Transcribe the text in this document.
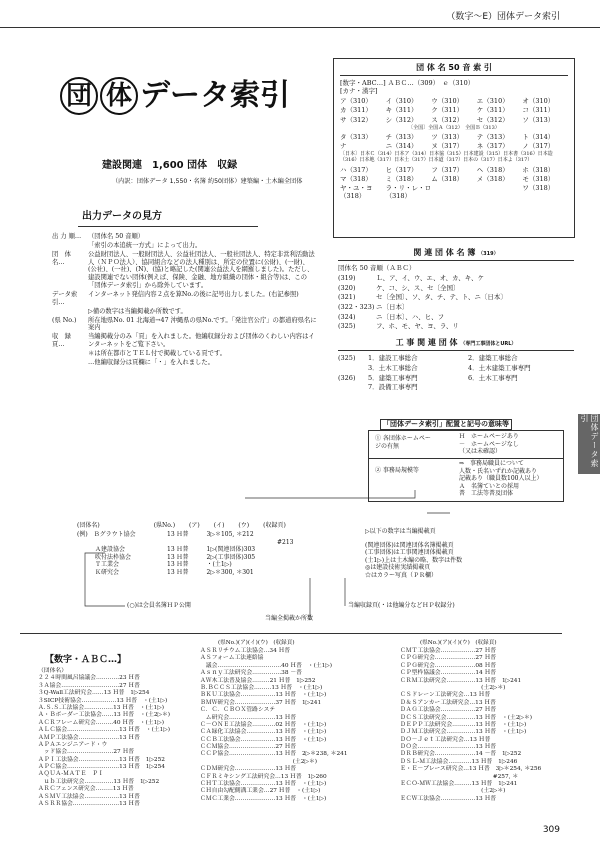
（数字～E）団体データ索引
団体データ索引
団 体 データ索引
建設関連　1,600 団体　収録
（内訳：団体データ 1,550・名簿 約50団体）建築編・土木編全団体
出力データの見方
出 力 順…	（団体名 50 音順）
「索引の本追統一方式」によって出力。
団　体　名…
公益財団法人、一般財団法人、公益社団法人、一般社団法人、特定非営利活動法人（ＮＰＯ法人）、協同組合などの法人種別は、所定の位置に(公財)、(一財)、(公社)、(一社)、(N)、(協)と略記した(関連公益法人を網羅しました)。ただし、建設関連でない団体(例えば、保険、金融、地方組織の団体・組合等)は、この「団体データ索引」から除外しています。
データ索引…
インターネット発信内容２点を算No.の後に記号出力しました。(右記参照)
▷備の数字は当編掲載か所数です。
(県 No.)	所在地県No. 01 北海道→47 沖縄県の県No.です。「発注官公庁」の都道府県名に案内
収　録　頁…
当編掲載分のみ「頁」を入れました。他編収録分および団体のくわしい内容はインターネットをご覧下さい。
＊は所在都市とＴＥＬ付で掲載している頁です。
…他編収録分は頁欄に「・」を入れました。
団 体 名 50 音 索 引
[数字・ABC…] ＡＢＣ…（309）　ｅ（310）
[カナ・漢字]
ア（310）	イ（310）	ウ（310）	エ（310）	オ（310）
カ（311）	キ（311）	ク（311）	ケ（311）	コ（311）
サ（312）	シ（312）	ス（312）	セ（312）	ソ（313）
〔全国〕全国Ａ（312）　全国Ｂ（313）
タ（313）	チ（313）	ツ（313）	テ（313）	ト（314）
ナ　	ニ（314）	ヌ（317）	ネ（317）	ノ（317）
〔日本〕日本Ｃ（314）日本ア（314）日本協（315）日本建設（315）日本書（316）日本造（316）日本地（317）日本土（317）日本道（317）日本の（317）日本よ（317）
ハ（317）	ヒ（317）	フ（317）	ヘ（318）	ホ（318）
マ（318）	ミ（318）	ム（318）	メ（318）	モ（318）
ヤ・ユ・ヨ（318）
ラ・リ・レ・ロ（318）
ワ（318）
関 連 団 体 名 簿 （319）
団体名 50 音順（ＡＢＣ）
(319)	Ｌ、ア、イ、ウ、エ、オ、カ、キ、ケ
(320)	ケ、コ、シ、ス、セ〔全国〕
(321)	セ〔全国〕、ソ、タ、チ、テ、ト、ニ〔日本〕
(322・323) ニ〔日本〕
(324)	ニ〔日本〕、ハ、ヒ、フ
(325)	フ、ホ、モ、ヤ、ヨ、ラ、リ
工 事 関 連 団 体 （専門工事団体とURL）
(325)	1．建設工事総合	2．建築工事総合
3．土木工事総合	4．土木建築工事専門
(326)	5．建築工事専門	6．土木工事専門
7．設備工事専門
「団体データ索引」配置と記号の意味等
① 各団体ホームページの有無
Ｈ　ホームページあり
－　ホームページなし
（又は未確認）
② 事務局規模等
⇒　事務局職員について
人数・氏名いずれか記載あり
記載あり（職員数100人以上）
Ａ　名簿ていとの採用
普　工法等普及団体
(団体名)	(県No.) (ア) (イ) (ウ) (収録頁)
(例)　Ｂグラウト協会	13 Ｈ普　　　3▷＊105, ＊212
#213
Ａ建設協会	13 Ｈ普　　　1▷(関連団体)303
吹付法枠協会	13 Ｈ普　　　2▷(工事団体)305
Ｔ工業会	13 Ｈ普　　　・(土1▷)
Ｋ研究会	13 Ｈ普　　　2▷＊300, ＊301
▷以下の数字は当編掲載頁
(関連団体)は関連団体名簿掲載頁
(工事団体)は工事関連団体掲載頁
(土1▷)上は土木編の略、数字は件数
◎は建設技術実績掲載頁
☆はカラー写真（ＰＲ欄）
(○)は会員名簿ＨＰ公開	当編収録頁(・は他編分などＨＰ収録分)
当編全掲載か所数
【数字・ＡＢＣ…】
（団体名）
２２４時間風呂協議会…………23 Ｈ普
３Ａ協会…………………………27 Ｈ普
３Q-Wall工法研究会……13 Ｈ普　1▷254
３SICP技術協会………………13 Ｈ普　・(土1▷)
Ａ.Ｓ.Ｓ.工法協会……………13 Ｈ普　・(土1▷)
Ａ・Ｂボーダー工法協会……13 Ｈ普　・(土2▷＊)
ＡＣＲフレーム研究会………40 Ｈ普　・(土1▷)
ＡＬＣ協会………………………13 Ｈ普　・(土1▷)
ＡＭＰ工法協会…………………13 Ｈ普
ＡＰＡエンジニアード・ウ
　ッド協会……………………27 Ｈ普
ＡＰＩ工法協会…………………13 Ｈ普　1▷252
ＡＰＣ協会………………………13 Ｈ普　1▷254
ＡＱＵＡ-ＭＡＴＥ　ＰＩ
　ｕｂ工法研究会……………13 Ｈ普　1▷252
ＡＲＣフェンス研究会………13 Ｈ普
ＡＳＭＶ工法協会………………13 Ｈ普
ＡＳＲＲ協会……………………13 Ｈ普
(県No.)(ア)(イ)(ウ)　(収録頁)
ＡＳＲリチウム工法協会…34 Ｈ普
ＡＳフォーム工法連絡協
　議会……………………………40 Ｈ普　・(土1▷)
Ａｓｎｙ工法研究会……………38 －普
ＡＷ木工法普及協会………21 Ｈ普　1▷252
Ｂ.ＢＣＣＳ工法協会………13 Ｈ普　・(土1▷)
ＢＫＵ工法協会………………13 Ｈ普　・(土1▷)
ＢＭＷ研究会…………………37 Ｈ普　1▷241
Ｃ．Ｃ．ＣＢＯＸ管路システ
　ム研究会……………………13 Ｈ普
Ｃ－ＯＮＥ工法協会…………02 Ｈ普　・(土1▷)
ＣＡ緑化工法協会……………13 Ｈ普　・(土1▷)
ＣＣＢ工法協会………………13 Ｈ普　・(土1▷)
ＣＣＭ協会……………………27 Ｈ普
ＣＣＰ協会……………………13 Ｈ普　2▷＊238, ＊241
　　　　　　　　　　　　　　　　(土2▷＊)
ＣＤＭ研究会…………………13 Ｈ普
ＣＦＲミキシング工法研究会…13 Ｈ普　1▷260
ＣＨＴ工法協会………………13 Ｈ普　・(土1▷)
ＣＨ自由勾配側溝工業会…27 Ｈ普　・(土1▷)
ＣＭＣ工業会…………………13 Ｈ普　・(土1▷)
(県No.)(ア)(イ)(ウ)　(収録頁)
ＣＭＴ工法協会………………27 Ｈ普
ＣＰＧ研究会…………………27 Ｈ普
ＣＰＧ研究会…………………08 Ｈ普
ＣＰ型枠協議会………………14 Ｈ普
ＣＲＭ工法研究会……………13 Ｈ普　1▷241
　　　　　　　　　　　　　　(土2▷＊)
ＣＳドレーン工法研究会…13 Ｈ普
Ｄ＆Ｓアンカー工法研究会…13 Ｈ普
ＤＡＧ工法協会………………27 Ｈ普
ＤＣＳ工法研究会……………13 Ｈ普　・(土2▷＊)
ＤＥＰＰ工法研究会…………13 Ｈ普　・(土1▷)
ＤＪＭ工法研究会……………13 Ｈ普　・(土1▷)
ＤＯ－Ｊｅｔ工法研究会…13 Ｈ普
ＤＯ会…………………………13 Ｈ普
ＤＲＢ研究会…………………14 －普　1▷252
ＤＳＬ-Ｍ工法協会…………13 Ｈ普　1▷246
Ｅ・Ｅ－プレース研究会…13 Ｈ普　3▷＊254, ＊256
　　　　　　　　　　　　　　　　#257, ＊
ＥＣＯ-ＭＷ工法協会………13 Ｈ普　1▷241
　　　　　　　　　　　　　　(土2▷＊)
ＥＣＷ工法協会………………13 Ｈ普
309
